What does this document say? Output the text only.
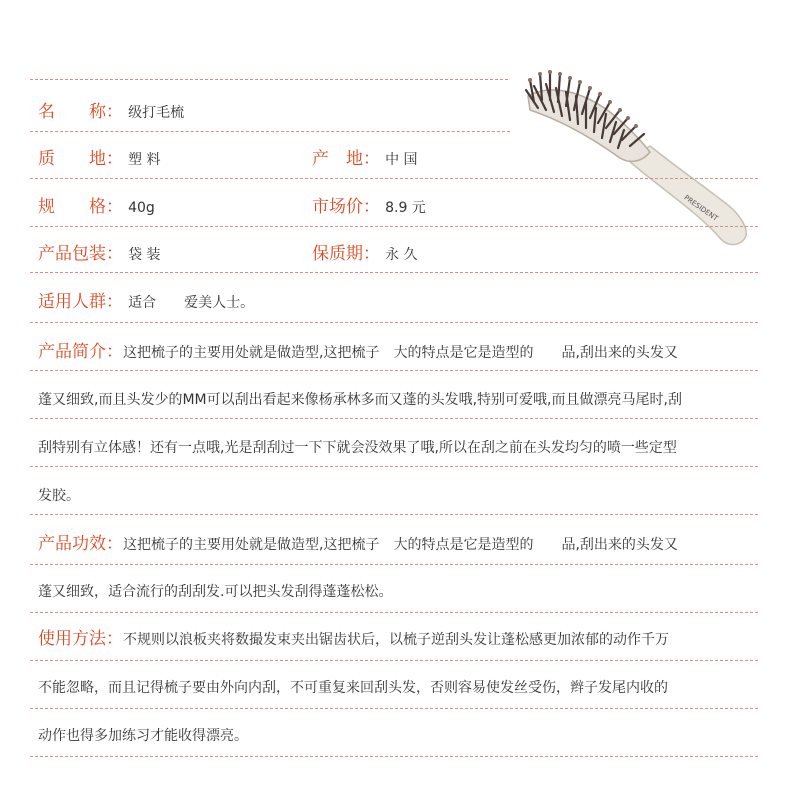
PRESIDENT
名　　称： 级打毛梳
质　　地： 塑 料	产　地： 中 国
规　　格： 40g	市场价： 8.9 元
产品包装： 袋 装	保质期： 永 久
适用人群： 适合　　爱美人士。
产品简介：这把梳子的主要用处就是做造型,这把梳子　大的特点是它是造型的　　品,刮出来的头发又
蓬又细致,而且头发少的MM可以刮出看起来像杨承林多而又蓬的头发哦,特别可爱哦,而且做漂亮马尾时,刮
刮特别有立体感！还有一点哦,光是刮刮过一下下就会没效果了哦,所以在刮之前在头发均匀的喷一些定型
发胶。
产品功效：这把梳子的主要用处就是做造型,这把梳子　大的特点是它是造型的　　品,刮出来的头发又
蓬又细致，适合流行的刮刮发.可以把头发刮得蓬蓬松松。
使用方法：不规则以浪板夹将数撮发束夹出锯齿状后，以梳子逆刮头发让蓬松感更加浓郁的动作千万
不能忽略，而且记得梳子要由外向内刮，不可重复来回刮头发，否则容易使发丝受伤，辫子发尾内收的
动作也得多加练习才能收得漂亮。
